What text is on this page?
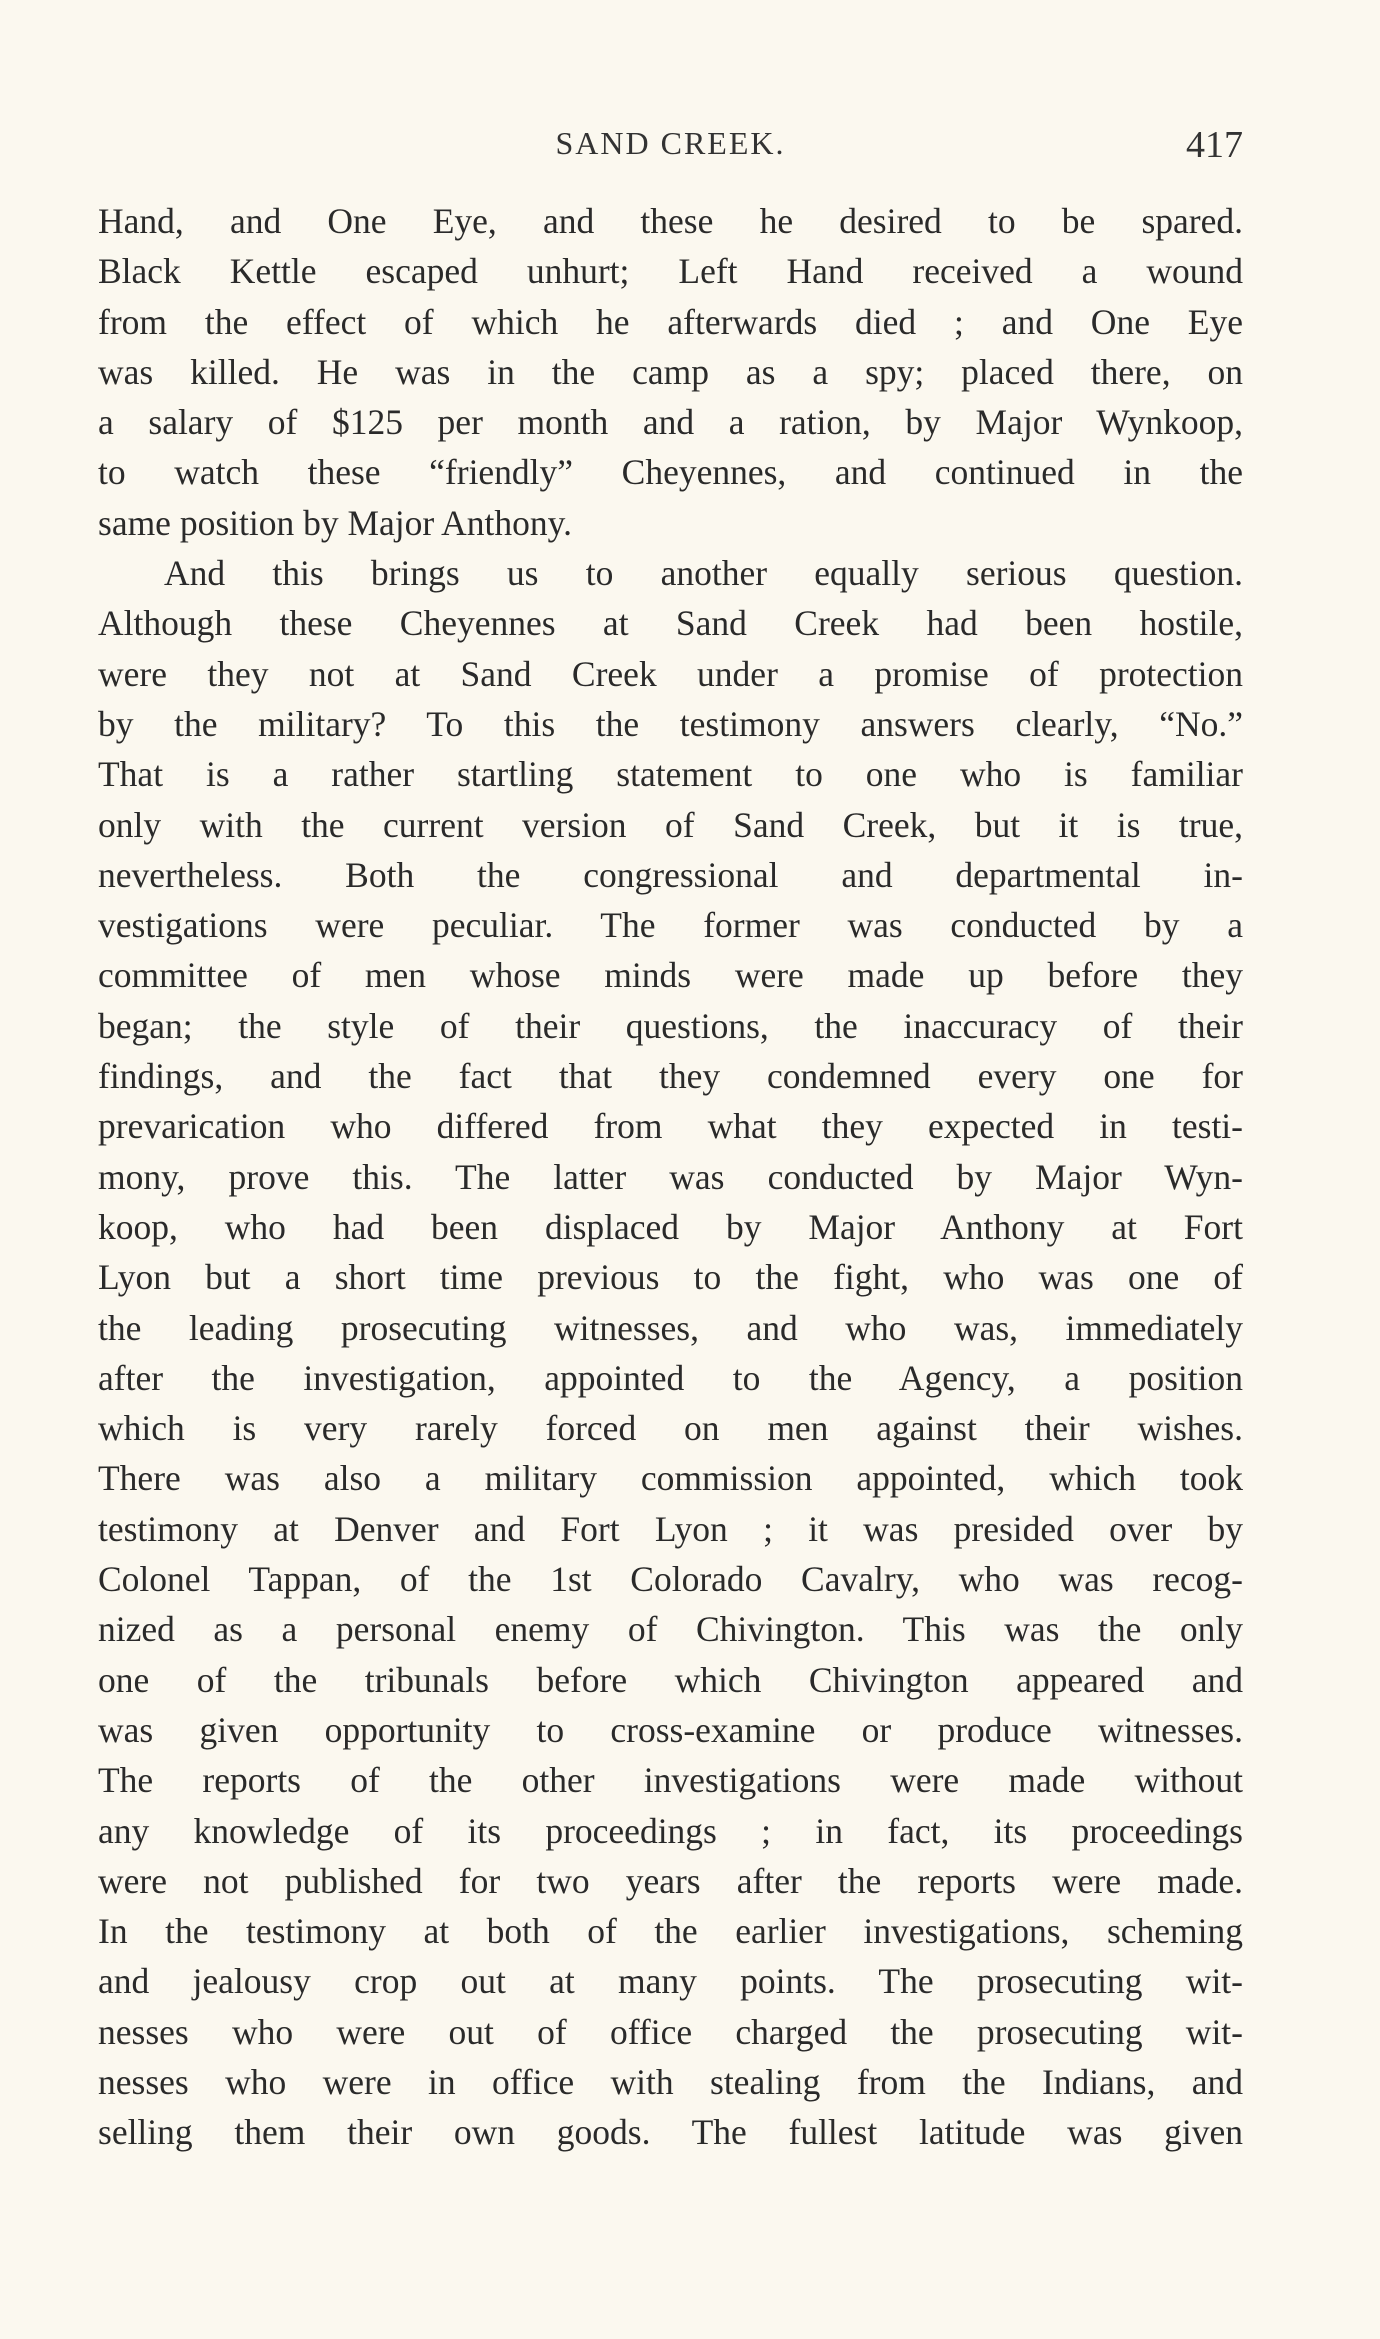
SAND CREEK.	417
Hand, and One Eye, and these he desired to be spared.
Black Kettle escaped unhurt; Left Hand received a wound
from the effect of which he afterwards died ; and One Eye
was killed. He was in the camp as a spy; placed there, on
a salary of $125 per month and a ration, by Major Wynkoop,
to watch these “friendly” Cheyennes, and continued in the
same position by Major Anthony.
And this brings us to another equally serious question.
Although these Cheyennes at Sand Creek had been hostile,
were they not at Sand Creek under a promise of protection
by the military? To this the testimony answers clearly, “No.”
That is a rather startling statement to one who is familiar
only with the current version of Sand Creek, but it is true,
nevertheless. Both the congressional and departmental in-
vestigations were peculiar. The former was conducted by a
committee of men whose minds were made up before they
began; the style of their questions, the inaccuracy of their
findings, and the fact that they condemned every one for
prevarication who differed from what they expected in testi-
mony, prove this. The latter was conducted by Major Wyn-
koop, who had been displaced by Major Anthony at Fort
Lyon but a short time previous to the fight, who was one of
the leading prosecuting witnesses, and who was, immediately
after the investigation, appointed to the Agency, a position
which is very rarely forced on men against their wishes.
There was also a military commission appointed, which took
testimony at Denver and Fort Lyon ; it was presided over by
Colonel Tappan, of the 1st Colorado Cavalry, who was recog-
nized as a personal enemy of Chivington. This was the only
one of the tribunals before which Chivington appeared and
was given opportunity to cross-examine or produce witnesses.
The reports of the other investigations were made without
any knowledge of its proceedings ; in fact, its proceedings
were not published for two years after the reports were made.
In the testimony at both of the earlier investigations, scheming
and jealousy crop out at many points. The prosecuting wit-
nesses who were out of office charged the prosecuting wit-
nesses who were in office with stealing from the Indians, and
selling them their own goods. The fullest latitude was given
